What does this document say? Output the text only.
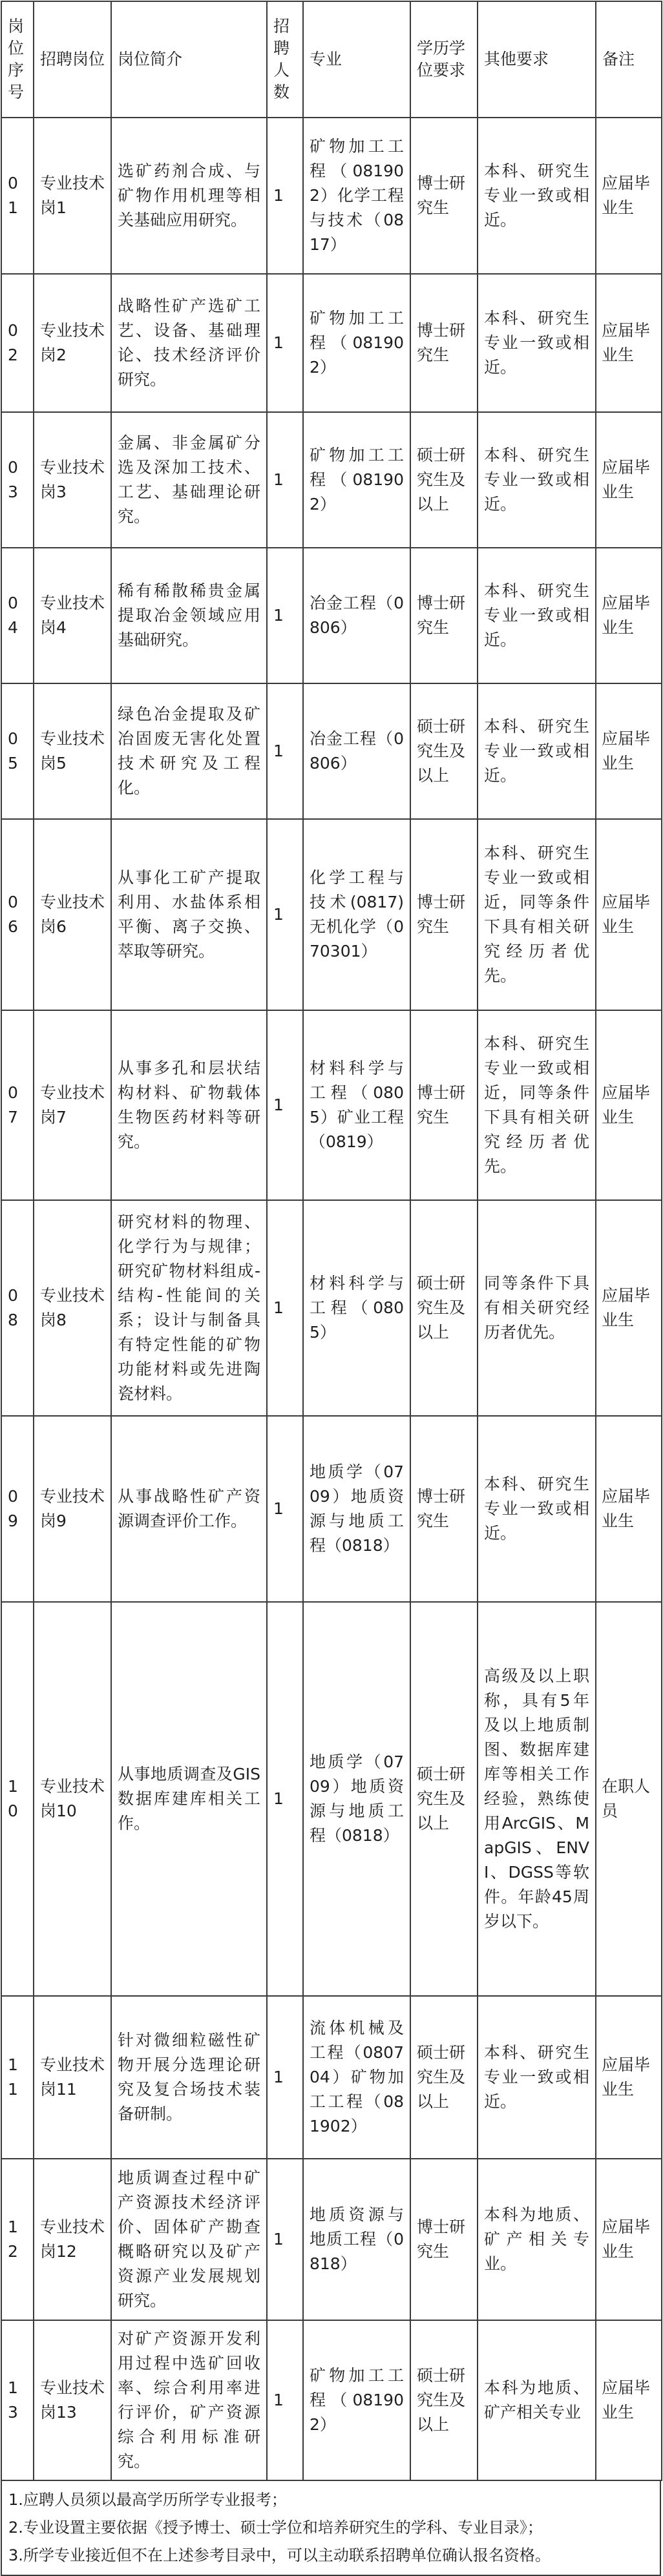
岗位序号	招聘岗位	岗位简介	招聘人数	专业	学历学位要求	其他要求	备注
01	专业技术岗1	选矿药剂合成、与矿物作用机理等相关基础应用研究。	1	矿物加工工程（081902）化学工程与技术（0817）	博士研究生	本科、研究生专业一致或相近。	应届毕业生
02	专业技术岗2	战略性矿产选矿工艺、设备、基础理论、技术经济评价研究。	1	矿物加工工程（081902）	博士研究生	本科、研究生专业一致或相近。	应届毕业生
03	专业技术岗3	金属、非金属矿分选及深加工技术、工艺、基础理论研究。	1	矿物加工工程（081902）	硕士研究生及以上	本科、研究生专业一致或相近。	应届毕业生
04	专业技术岗4	稀有稀散稀贵金属提取冶金领域应用基础研究。	1	冶金工程（0806）	博士研究生	本科、研究生专业一致或相近。	应届毕业生
05	专业技术岗5	绿色冶金提取及矿冶固废无害化处置技术研究及工程化。	1	冶金工程（0806）	硕士研究生及以上	本科、研究生专业一致或相近。	应届毕业生
06	专业技术岗6	从事化工矿产提取利用、水盐体系相平衡、离子交换、萃取等研究。	1	化学工程与技术(0817)无机化学（070301）	博士研究生	本科、研究生专业一致或相近，同等条件下具有相关研究经历者优先。	应届毕业生
07	专业技术岗7	从事多孔和层状结构材料、矿物载体生物医药材料等研究。	1	材料科学与工程（0805）矿业工程（0819）	博士研究生	本科、研究生专业一致或相近，同等条件下具有相关研究经历者优先。	应届毕业生
08	专业技术岗8	研究材料的物理、化学行为与规律；研究矿物材料组成-结构-性能间的关系；设计与制备具有特定性能的矿物功能材料或先进陶瓷材料。	1	材料科学与工程（0805）	硕士研究生及以上	同等条件下具有相关研究经历者优先。	应届毕业生
09	专业技术岗9	从事战略性矿产资源调查评价工作。	1	地质学（0709）地质资源与地质工程（0818）	博士研究生	本科、研究生专业一致或相近。	应届毕业生
10	专业技术岗10	从事地质调查及GIS数据库建库相关工作。	1	地质学（0709）地质资源与地质工程（0818）	硕士研究生及以上	高级及以上职称，具有5年及以上地质制图、数据库建库等相关工作经验，熟练使用ArcGIS、MapGIS、ENVI、DGSS等软件。年龄45周岁以下。	在职人员
11	专业技术岗11	针对微细粒磁性矿物开展分选理论研究及复合场技术装备研制。	1	流体机械及工程（080704）矿物加工工程（081902）	硕士研究生及以上	本科、研究生专业一致或相近。	应届毕业生
12	专业技术岗12	地质调查过程中矿产资源技术经济评价、固体矿产勘查概略研究以及矿产资源产业发展规划研究。	1	地质资源与地质工程（0818）	博士研究生	本科为地质、矿产相关专业。	应届毕业生
13	专业技术岗13	对矿产资源开发利用过程中选矿回收率、综合利用率进行评价，矿产资源综合利用标准研究。	1	矿物加工工程（081902）	硕士研究生及以上	本科为地质、矿产相关专业	应届毕业生
1.应聘人员须以最高学历所学专业报考；
2.专业设置主要依据《授予博士、硕士学位和培养研究生的学科、专业目录》；
3.所学专业接近但不在上述参考目录中，可以主动联系招聘单位确认报名资格。
